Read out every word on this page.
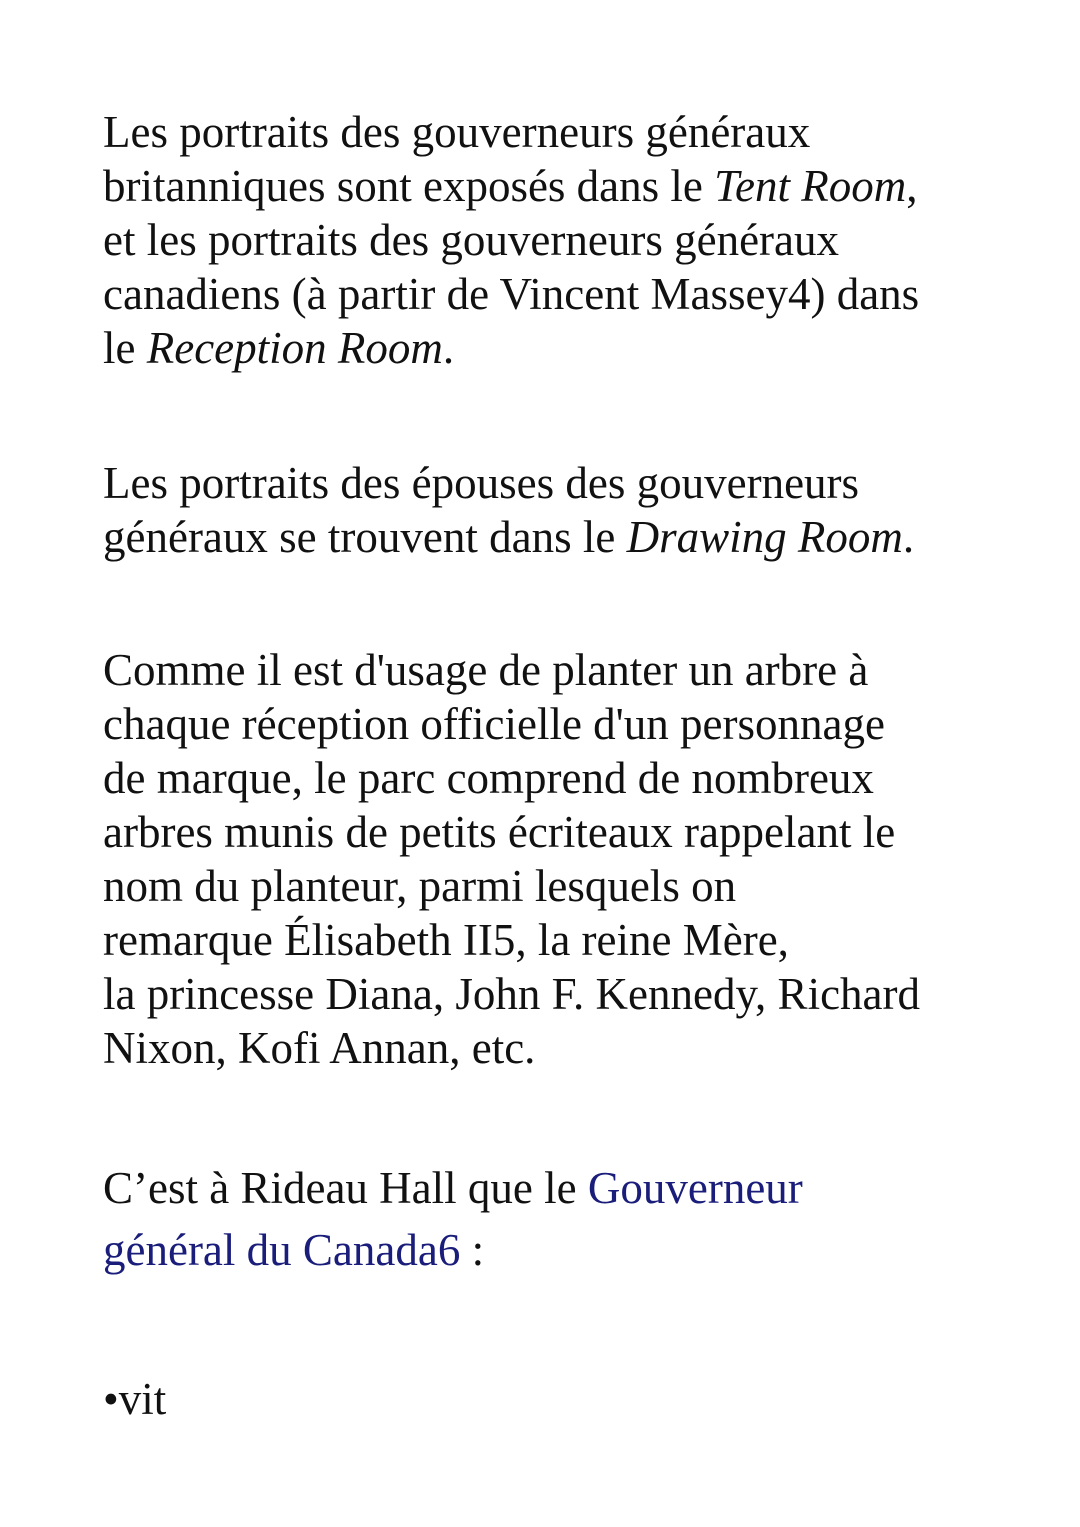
Les portraits des gouverneurs généraux
britanniques sont exposés dans le Tent Room,
et les portraits des gouverneurs généraux
canadiens (à partir de Vincent Massey4) dans
le Reception Room.

Les portraits des épouses des gouverneurs
généraux se trouvent dans le Drawing Room.

Comme il est d'usage de planter un arbre à
chaque réception officielle d'un personnage
de marque, le parc comprend de nombreux
arbres munis de petits écriteaux rappelant le
nom du planteur, parmi lesquels on
remarque Élisabeth II5, la reine Mère,
la princesse Diana, John F. Kennedy, Richard
Nixon, Kofi Annan, etc.

C’est à Rideau Hall que le Gouverneur
général du Canada6 :

•vit
